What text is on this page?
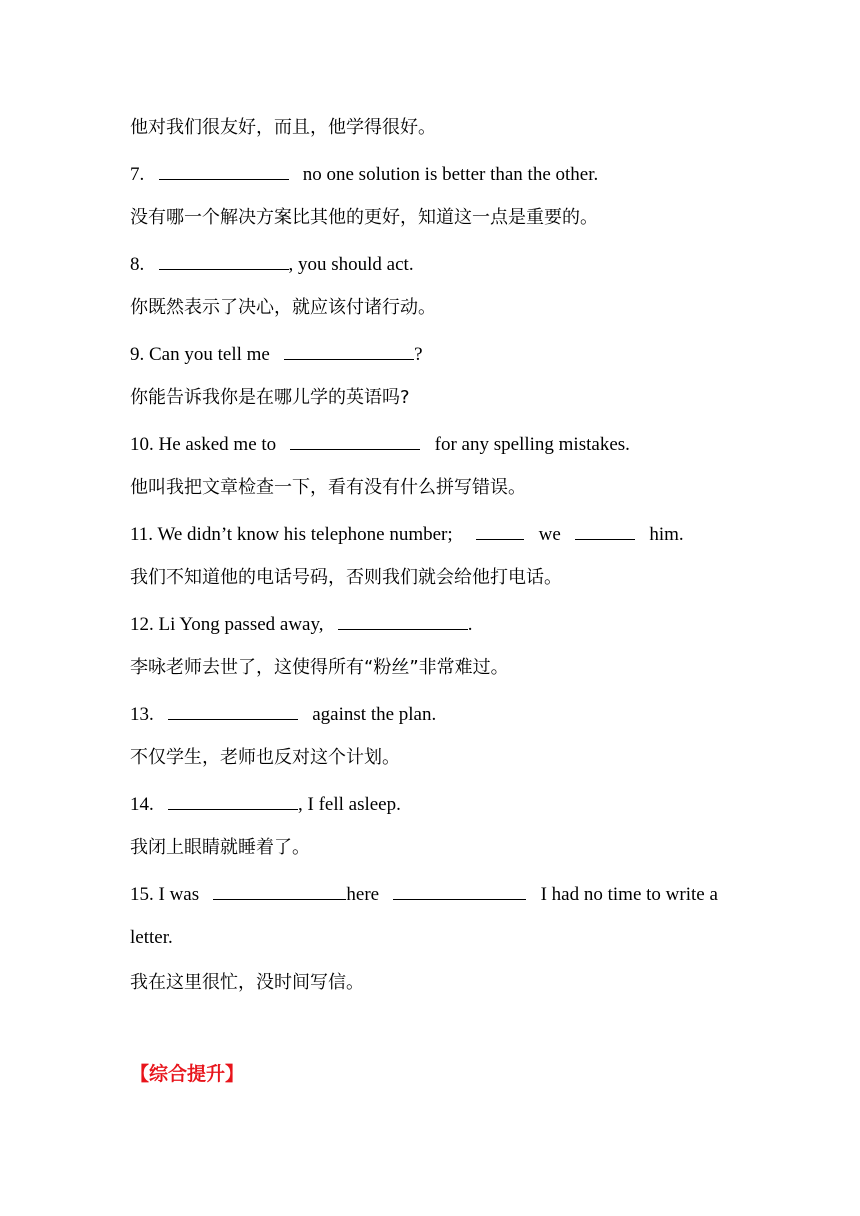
他对我们很友好，而且，他学得很好。
7.	no one solution is better than the other.
没有哪一个解决方案比其他的更好，知道这一点是重要的。
8.	, you should act.
你既然表示了决心，就应该付诸行动。
9. Can you tell me	?
你能告诉我你是在哪儿学的英语吗?
10. He asked me to	for any spelling mistakes.
他叫我把文章检查一下，看有没有什么拼写错误。
11. We didn’t know his telephone number;	we	him.
我们不知道他的电话号码，否则我们就会给他打电话。
12. Li Yong passed away,	.
李咏老师去世了，这使得所有“粉丝”非常难过。
13.	against the plan.
不仅学生，老师也反对这个计划。
14.	, I fell asleep.
我闭上眼睛就睡着了。
15. I was	here	I had no time to write a
letter.
我在这里很忙，没时间写信。
【综合提升】
